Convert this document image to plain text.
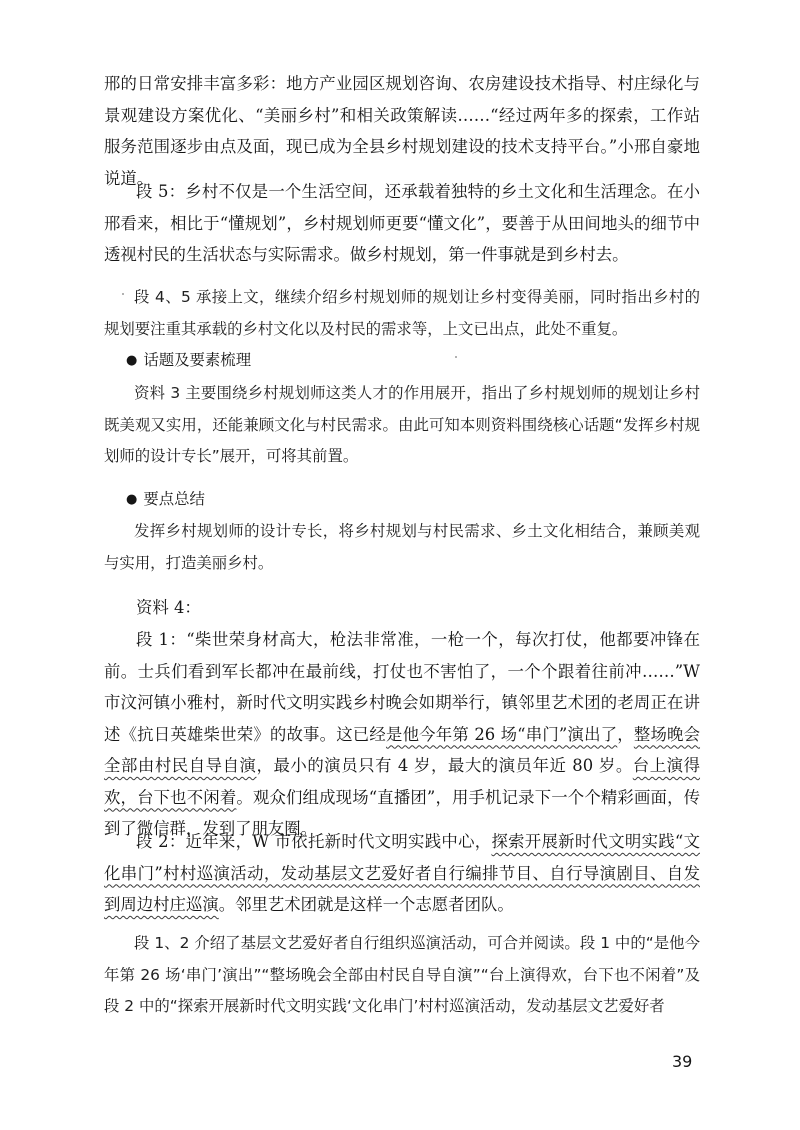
邢的日常安排丰富多彩：地方产业园区规划咨询、农房建设技术指导、村庄绿化与景观建设方案优化、“美丽乡村”和相关政策解读……“经过两年多的探索，工作站服务范围逐步由点及面，现已成为全县乡村规划建设的技术支持平台。”小邢自豪地说道。

段 5：乡村不仅是一个生活空间，还承载着独特的乡土文化和生活理念。在小邢看来，相比于“懂规划”，乡村规划师更要“懂文化”，要善于从田间地头的细节中透视村民的生活状态与实际需求。做乡村规划，第一件事就是到乡村去。

段 4、5 承接上文，继续介绍乡村规划师的规划让乡村变得美丽，同时指出乡村的规划要注重其承载的乡村文化以及村民的需求等，上文已出点，此处不重复。

● 话题及要素梳理

资料 3 主要围绕乡村规划师这类人才的作用展开，指出了乡村规划师的规划让乡村既美观又实用，还能兼顾文化与村民需求。由此可知本则资料围绕核心话题“发挥乡村规划师的设计专长”展开，可将其前置。

● 要点总结

发挥乡村规划师的设计专长，将乡村规划与村民需求、乡土文化相结合，兼顾美观与实用，打造美丽乡村。

资料 4：

段 1：“柴世荣身材高大，枪法非常准，一枪一个，每次打仗，他都要冲锋在前。士兵们看到军长都冲在最前线，打仗也不害怕了，一个个跟着往前冲……”W 市汶河镇小雅村，新时代文明实践乡村晚会如期举行，镇邻里艺术团的老周正在讲述《抗日英雄柴世荣》的故事。这已经是他今年第 26 场“串门”演出了，整场晚会全部由村民自导自演，最小的演员只有 4 岁，最大的演员年近 80 岁。台上演得欢，台下也不闲着。观众们组成现场“直播团”，用手机记录下一个个精彩画面，传到了微信群，发到了朋友圈。

段 2：近年来，W 市依托新时代文明实践中心，探索开展新时代文明实践“文化串门”村村巡演活动，发动基层文艺爱好者自行编排节目、自行导演剧目、自发到周边村庄巡演。邻里艺术团就是这样一个志愿者团队。

段 1、2 介绍了基层文艺爱好者自行组织巡演活动，可合并阅读。段 1 中的“是他今年第 26 场‘串门’演出”“整场晚会全部由村民自导自演”“台上演得欢，台下也不闲着”及段 2 中的“探索开展新时代文明实践‘文化串门’村村巡演活动，发动基层文艺爱好者

39
